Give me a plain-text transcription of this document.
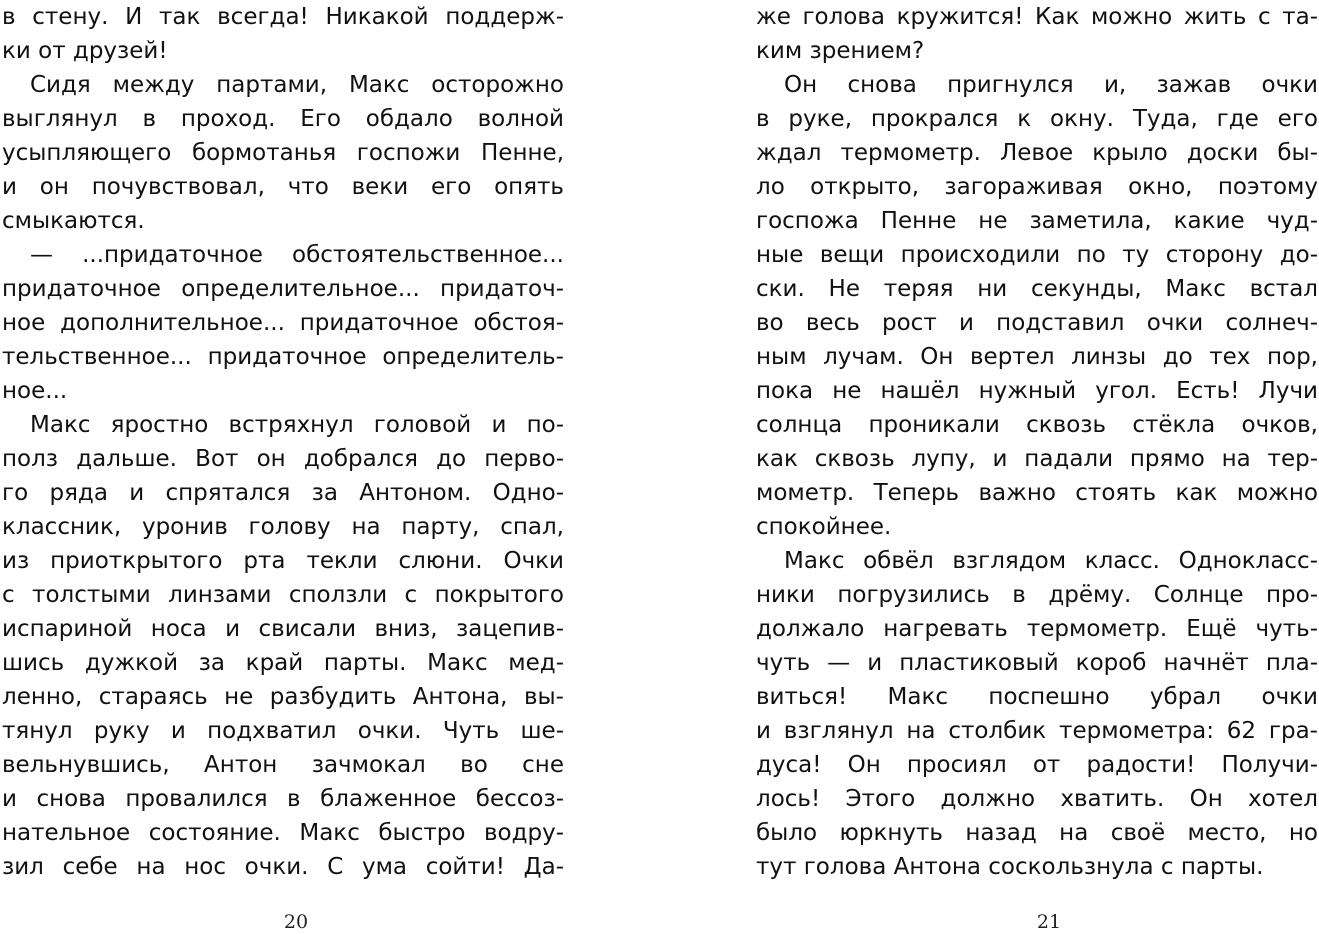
в стену. И так всегда! Никакой поддерж-
ки от друзей!
Сидя между партами, Макс осторожно
выглянул в проход. Его обдало волной
усыпляющего бормотанья госпожи Пенне,
и он почувствовал, что веки его опять
смыкаются.
— ...придаточное обстоятельственное...
придаточное определительное... придаточ-
ное дополнительное... придаточное обстоя-
тельственное... придаточное определитель-
ное...
Макс яростно встряхнул головой и по-
полз дальше. Вот он добрался до перво-
го ряда и спрятался за Антоном. Одно-
классник, уронив голову на парту, спал,
из приоткрытого рта текли слюни. Очки
с толстыми линзами сползли с покрытого
испариной носа и свисали вниз, зацепив-
шись дужкой за край парты. Макс мед-
ленно, стараясь не разбудить Антона, вы-
тянул руку и подхватил очки. Чуть ше-
вельнувшись, Антон зачмокал во сне
и снова провалился в блаженное бессоз-
нательное состояние. Макс быстро водру-
зил себе на нос очки. С ума сойти! Да-
же голова кружится! Как можно жить с та-
ким зрением?
Он снова пригнулся и, зажав очки
в руке, прокрался к окну. Туда, где его
ждал термометр. Левое крыло доски бы-
ло открыто, загораживая окно, поэтому
госпожа Пенне не заметила, какие чуд-
ные вещи происходили по ту сторону до-
ски. Не теряя ни секунды, Макс встал
во весь рост и подставил очки солнеч-
ным лучам. Он вертел линзы до тех пор,
пока не нашёл нужный угол. Есть! Лучи
солнца проникали сквозь стёкла очков,
как сквозь лупу, и падали прямо на тер-
мометр. Теперь важно стоять как можно
спокойнее.
Макс обвёл взглядом класс. Однокласс-
ники погрузились в дрёму. Солнце про-
должало нагревать термометр. Ещё чуть-
чуть — и пластиковый короб начнёт пла-
виться! Макс поспешно убрал очки
и взглянул на столбик термометра: 62 гра-
дуса! Он просиял от радости! Получи-
лось! Этого должно хватить. Он хотел
было юркнуть назад на своё место, но
тут голова Антона соскользнула с парты.
20	21
